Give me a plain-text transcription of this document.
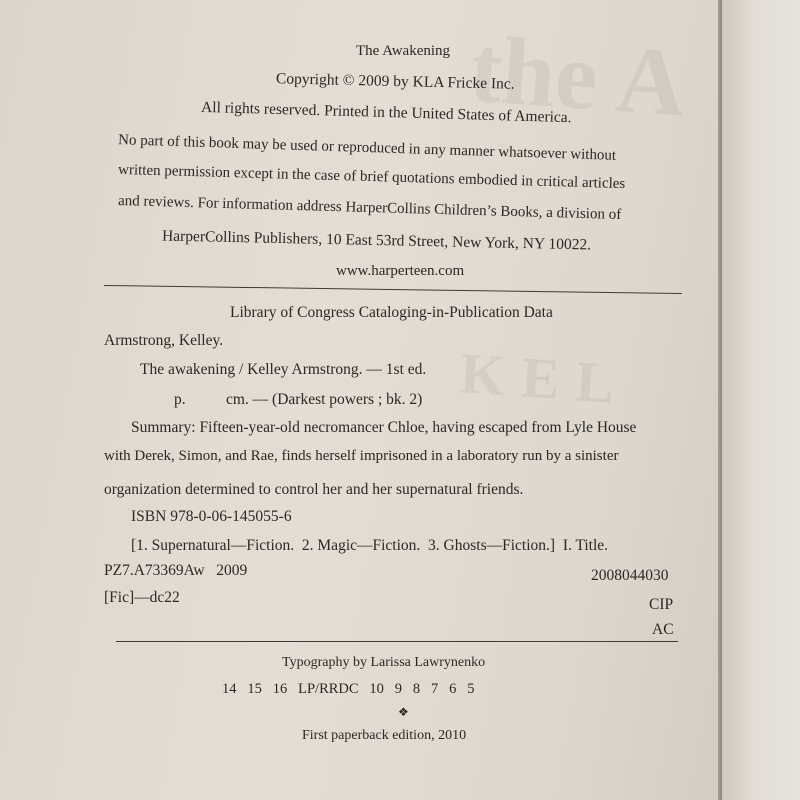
the A
KEL
The Awakening
Copyright © 2009 by KLA Fricke Inc.
All rights reserved. Printed in the United States of America.
No part of this book may be used or reproduced in any manner whatsoever without
written permission except in the case of brief quotations embodied in critical articles
and reviews. For information address HarperCollins Children’s Books, a division of
HarperCollins Publishers, 10 East 53rd Street, New York, NY 10022.
www.harperteen.com
Library of Congress Cataloging-in-Publication Data
Armstrong, Kelley.
The awakening / Kelley Armstrong. — 1st ed.
p.	cm. — (Darkest powers ; bk. 2)
Summary: Fifteen-year-old necromancer Chloe, having escaped from Lyle House
with Derek, Simon, and Rae, finds herself imprisoned in a laboratory run by a sinister
organization determined to control her and her supernatural friends.
ISBN 978-0-06-145055-6
[1. Supernatural—Fiction.  2. Magic—Fiction.  3. Ghosts—Fiction.]  I. Title.
PZ7.A73369Aw   2009	2008044030
[Fic]—dc22	CIP
AC
Typography by Larissa Lawrynenko
14   15   16   LP/RRDC   10   9   8   7   6   5
❖
First paperback edition, 2010
